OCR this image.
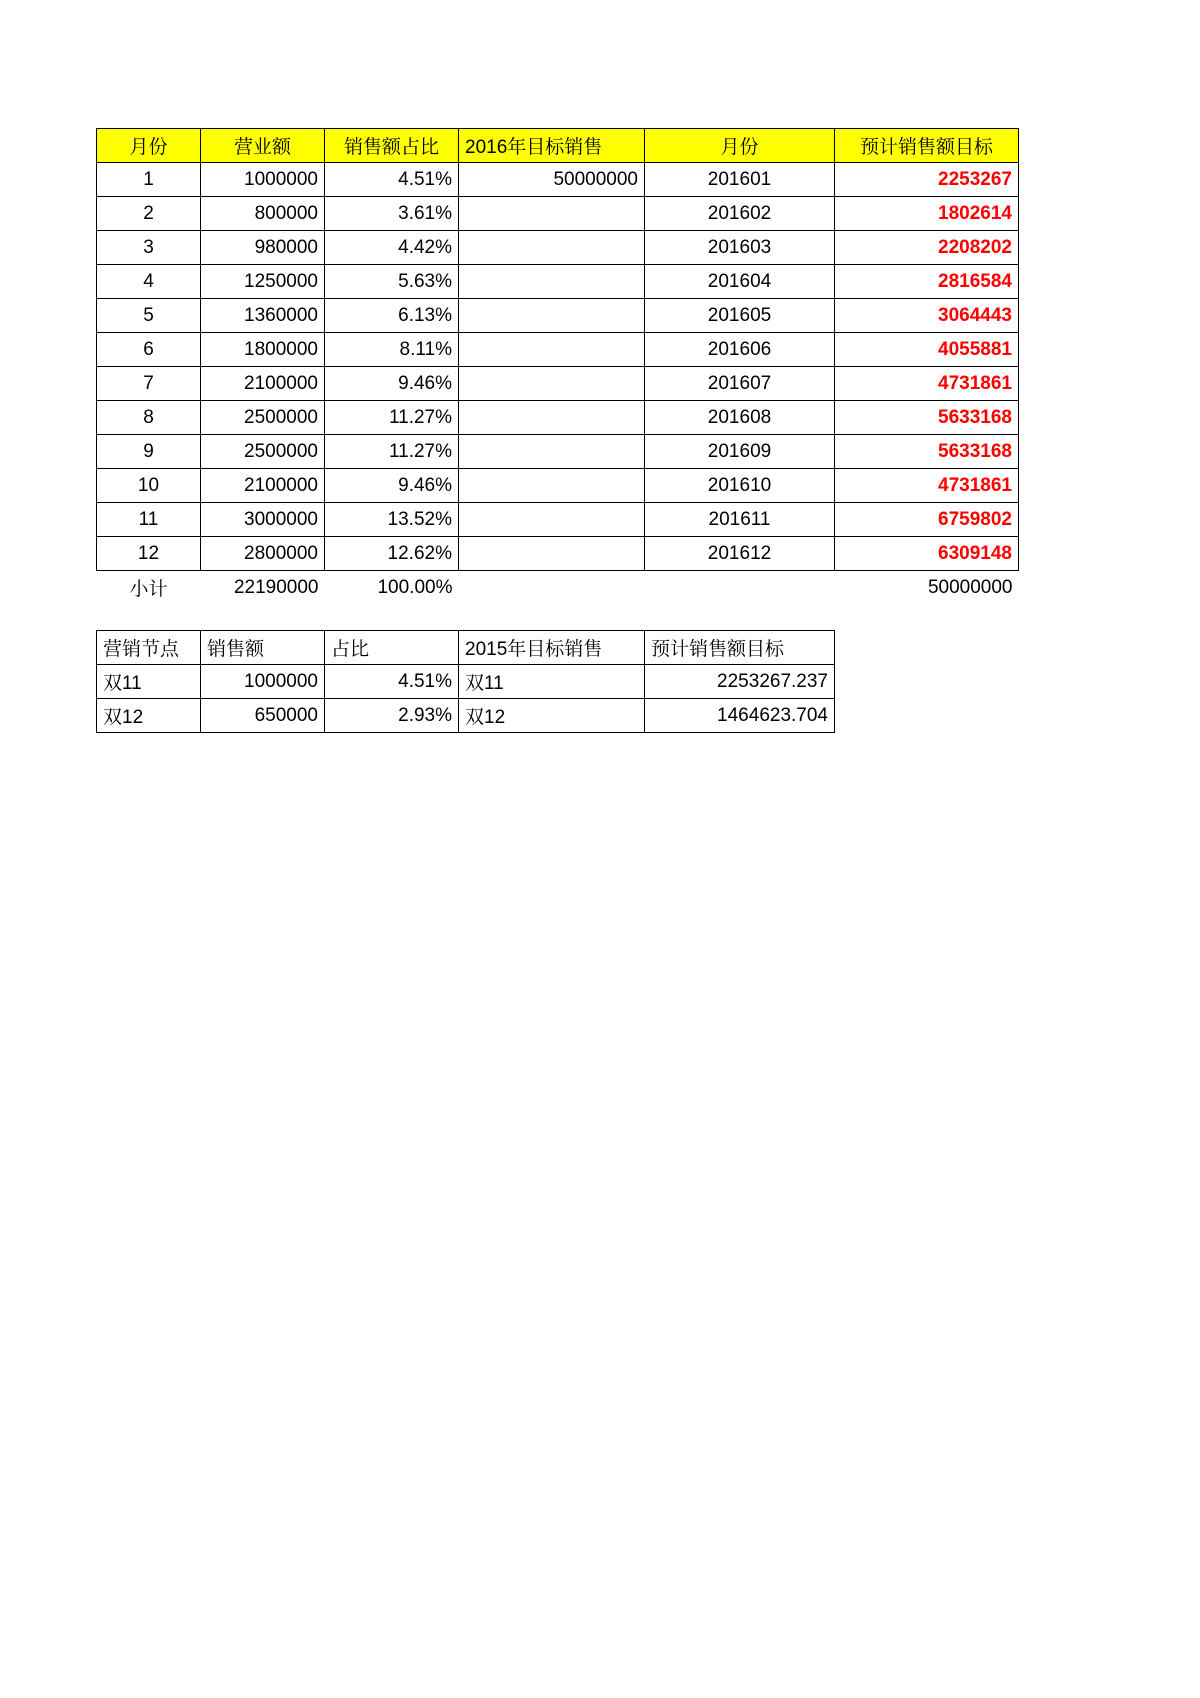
月份	营业额	销售额占比	2016年目标销售	月份	预计销售额目标
1	1000000	4.51%	50000000	201601	2253267
2	800000	3.61%		201602	1802614
3	980000	4.42%		201603	2208202
4	1250000	5.63%		201604	2816584
5	1360000	6.13%		201605	3064443
6	1800000	8.11%		201606	4055881
7	2100000	9.46%		201607	4731861
8	2500000	11.27%		201608	5633168
9	2500000	11.27%		201609	5633168
10	2100000	9.46%		201610	4731861
11	3000000	13.52%		201611	6759802
12	2800000	12.62%		201612	6309148
小计	22190000	100.00%			50000000
营销节点	销售额	占比	2015年目标销售	预计销售额目标
双11	1000000	4.51%	双11	2253267.237
双12	650000	2.93%	双12	1464623.704
